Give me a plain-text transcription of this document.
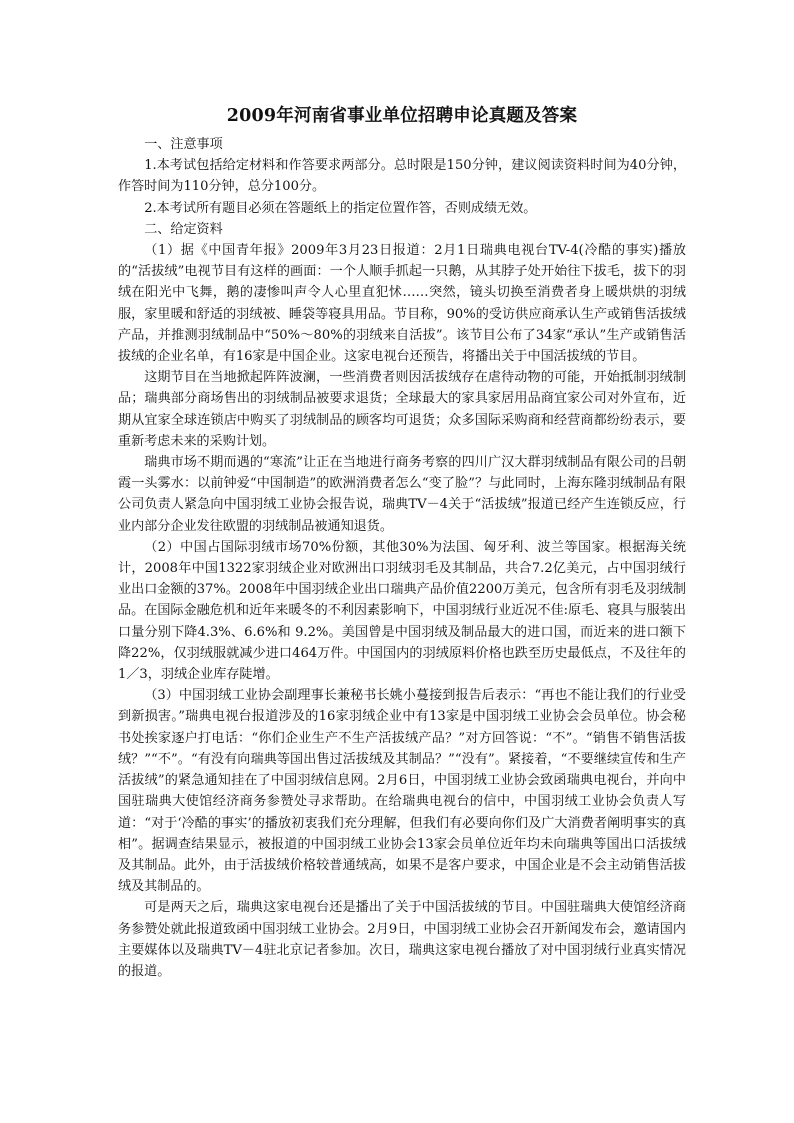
2009年河南省事业单位招聘申论真题及答案

一、注意事项

1.本考试包括给定材料和作答要求两部分。总时限是150分钟，建议阅读资料时间为40分钟，作答时间为110分钟，总分100分。

2.本考试所有题目必须在答题纸上的指定位置作答，否则成绩无效。

二、给定资料

（1）据《中国青年报》2009年3月23日报道：2月1日瑞典电视台TV-4(冷酷的事实)播放的“活拔绒”电视节目有这样的画面：一个人顺手抓起一只鹅，从其脖子处开始往下拔毛，拔下的羽绒在阳光中飞舞，鹅的凄惨叫声令人心里直犯怵……突然，镜头切换至消费者身上暖烘烘的羽绒服，家里暖和舒适的羽绒被、睡袋等寝具用品。节目称，90%的受访供应商承认生产或销售活拔绒产品，并推测羽绒制品中“50%～80%的羽绒来自活拔”。该节目公布了34家“承认”生产或销售活拔绒的企业名单，有16家是中国企业。这家电视台还预告，将播出关于中国活拔绒的节目。

这期节目在当地掀起阵阵波澜，一些消费者则因活拔绒存在虐待动物的可能，开始抵制羽绒制品；瑞典部分商场售出的羽绒制品被要求退货；全球最大的家具家居用品商宜家公司对外宣布，近期从宜家全球连锁店中购买了羽绒制品的顾客均可退货；众多国际采购商和经营商都纷纷表示，要重新考虑未来的采购计划。

瑞典市场不期而遇的“寒流”让正在当地进行商务考察的四川广汉大群羽绒制品有限公司的吕朝霞一头雾水：以前钟爱“中国制造”的欧洲消费者怎么“变了脸”？与此同时，上海东隆羽绒制品有限公司负责人紧急向中国羽绒工业协会报告说，瑞典TV－4关于“活拔绒”报道已经产生连锁反应，行业内部分企业发往欧盟的羽绒制品被通知退货。

（2）中国占国际羽绒市场70%份额，其他30%为法国、匈牙利、波兰等国家。根据海关统计，2008年中国1322家羽绒企业对欧洲出口羽绒羽毛及其制品，共合7.2亿美元，占中国羽绒行业出口金额的37%。2008年中国羽绒企业出口瑞典产品价值2200万美元，包含所有羽毛及羽绒制品。在国际金融危机和近年来暖冬的不利因素影响下，中国羽绒行业近况不佳:原毛、寝具与服装出口量分别下降4.3%、6.6%和 9.2%。美国曾是中国羽绒及制品最大的进口国，而近来的进口额下降22%，仅羽绒服就减少进口464万件。中国国内的羽绒原料价格也跌至历史最低点，不及往年的1／3，羽绒企业库存陡增。

（3）中国羽绒工业协会副理事长兼秘书长姚小蔓接到报告后表示：“再也不能让我们的行业受到新损害。”瑞典电视台报道涉及的16家羽绒企业中有13家是中国羽绒工业协会会员单位。协会秘书处挨家逐户打电话：“你们企业生产不生产活拔绒产品？”对方回答说：“不”。“销售不销售活拔绒？”“不”。“有没有向瑞典等国出售过活拔绒及其制品？”“没有”。紧接着，“不要继续宣传和生产活拔绒”的紧急通知挂在了中国羽绒信息网。2月6日，中国羽绒工业协会致函瑞典电视台，并向中国驻瑞典大使馆经济商务参赞处寻求帮助。在给瑞典电视台的信中，中国羽绒工业协会负责人写道：“对于‘冷酷的事实’的播放初衷我们充分理解，但我们有必要向你们及广大消费者阐明事实的真相”。据调查结果显示，被报道的中国羽绒工业协会13家会员单位近年均未向瑞典等国出口活拔绒及其制品。此外，由于活拔绒价格较普通绒高，如果不是客户要求，中国企业是不会主动销售活拔绒及其制品的。

可是两天之后，瑞典这家电视台还是播出了关于中国活拔绒的节目。中国驻瑞典大使馆经济商务参赞处就此报道致函中国羽绒工业协会。2月9日，中国羽绒工业协会召开新闻发布会，邀请国内主要媒体以及瑞典TV－4驻北京记者参加。次日，瑞典这家电视台播放了对中国羽绒行业真实情况的报道。
